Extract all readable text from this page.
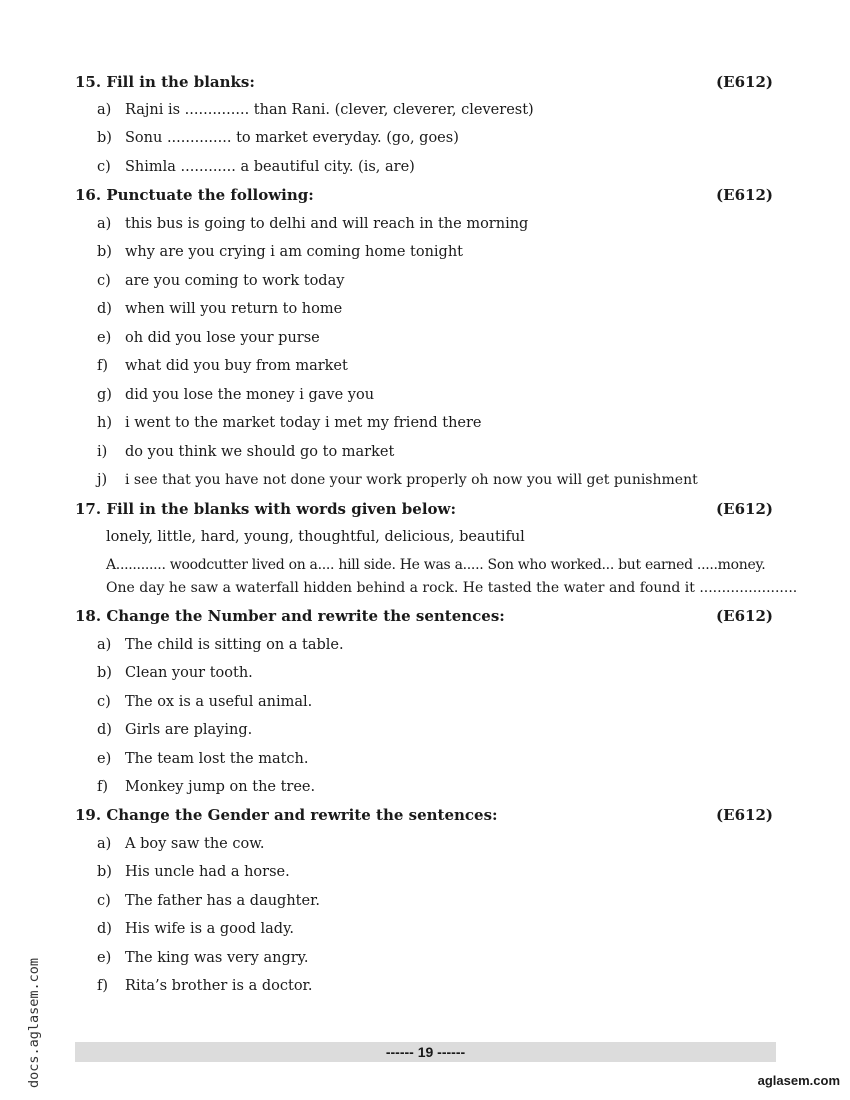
15. Fill in the blanks:	(E612)
a) Rajni is .............. than Rani. (clever, cleverer, cleverest)
b) Sonu .............. to market everyday. (go, goes)
c) Shimla ............ a beautiful city. (is, are)
16. Punctuate the following:	(E612)
a) this bus is going to delhi and will reach in the morning
b) why are you crying i am coming home tonight
c) are you coming to work today
d) when will you return to home
e) oh did you lose your purse
f)	what did you buy from market
g) did you lose the money i gave you
h) i went to the market today i met my friend there
i)	do you think we should go to market
j)	i see that you have not done your work properly oh now you will get punishment
17. Fill in the blanks with words given below:	(E612)
lonely, little, hard, young, thoughtful, delicious, beautiful
A............ woodcutter lived on a.... hill side. He was a..... Son who worked... but earned .....money.
One day he saw a waterfall hidden behind a rock. He tasted the water and found it ......................
18. Change the Number and rewrite the sentences:	(E612)
a) The child is sitting on a table.
b) Clean your tooth.
c) The ox is a useful animal.
d) Girls are playing.
e) The team lost the match.
f)	Monkey jump on the tree.
19. Change the Gender and rewrite the sentences:	(E612)
a) A boy saw the cow.
b) His uncle had a horse.
c) The father has a daughter.
d) His wife is a good lady.
e) The king was very angry.
f)	Rita’s brother is a doctor.
------ 19 ------
aglasem.com
docs.aglasem.com
